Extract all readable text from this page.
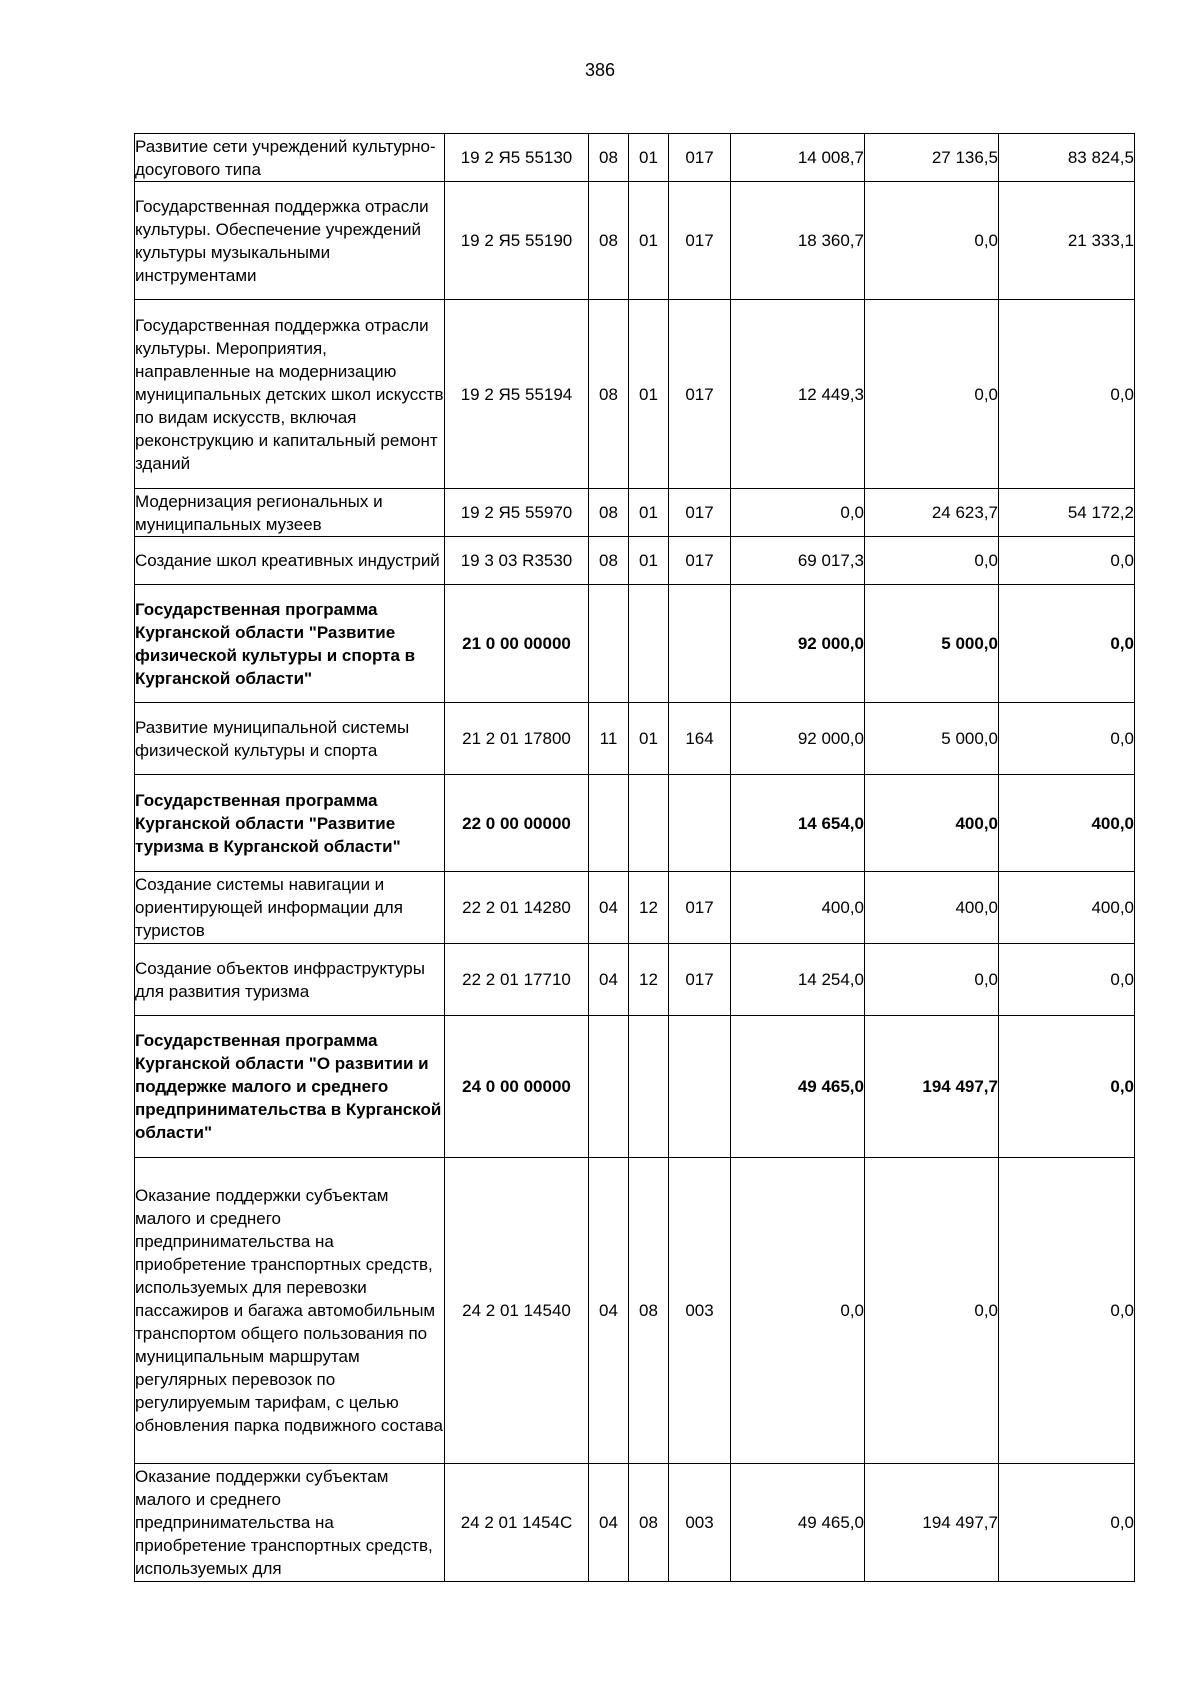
386
Развитие сети учреждений культурно-досугового типа	19 2 Я5 55130	08	01	017	14 008,7	27 136,5	83 824,5
Государственная поддержка отрасли культуры. Обеспечение учреждений культуры музыкальными инструментами	19 2 Я5 55190	08	01	017	18 360,7	0,0	21 333,1
Государственная поддержка отрасли культуры. Мероприятия, направленные на модернизацию муниципальных детских школ искусств по видам искусств, включая реконструкцию и капитальный ремонт зданий	19 2 Я5 55194	08	01	017	12 449,3	0,0	0,0
Модернизация региональных и муниципальных музеев	19 2 Я5 55970	08	01	017	0,0	24 623,7	54 172,2
Создание школ креативных индустрий	19 3 03 R3530	08	01	017	69 017,3	0,0	0,0
Государственная программа Курганской области "Развитие физической культуры и спорта в Курганской области"	21 0 00 00000				92 000,0	5 000,0	0,0
Развитие муниципальной системы физической культуры и спорта	21 2 01 17800	11	01	164	92 000,0	5 000,0	0,0
Государственная программа Курганской области "Развитие туризма в Курганской области"	22 0 00 00000				14 654,0	400,0	400,0
Создание системы навигации и ориентирующей информации для туристов	22 2 01 14280	04	12	017	400,0	400,0	400,0
Создание объектов инфраструктуры для развития туризма	22 2 01 17710	04	12	017	14 254,0	0,0	0,0
Государственная программа Курганской области "О развитии и поддержке малого и среднего предпринимательства в Курганской области"	24 0 00 00000				49 465,0	194 497,7	0,0
Оказание поддержки субъектам малого и среднего предпринимательства на приобретение транспортных средств, используемых для перевозки пассажиров и багажа автомобильным транспортом общего пользования по муниципальным маршрутам регулярных перевозок по регулируемым тарифам, с целью обновления парка подвижного состава	24 2 01 14540	04	08	003	0,0	0,0	0,0
Оказание поддержки субъектам малого и среднего предпринимательства на приобретение транспортных средств, используемых для	24 2 01 1454С	04	08	003	49 465,0	194 497,7	0,0
